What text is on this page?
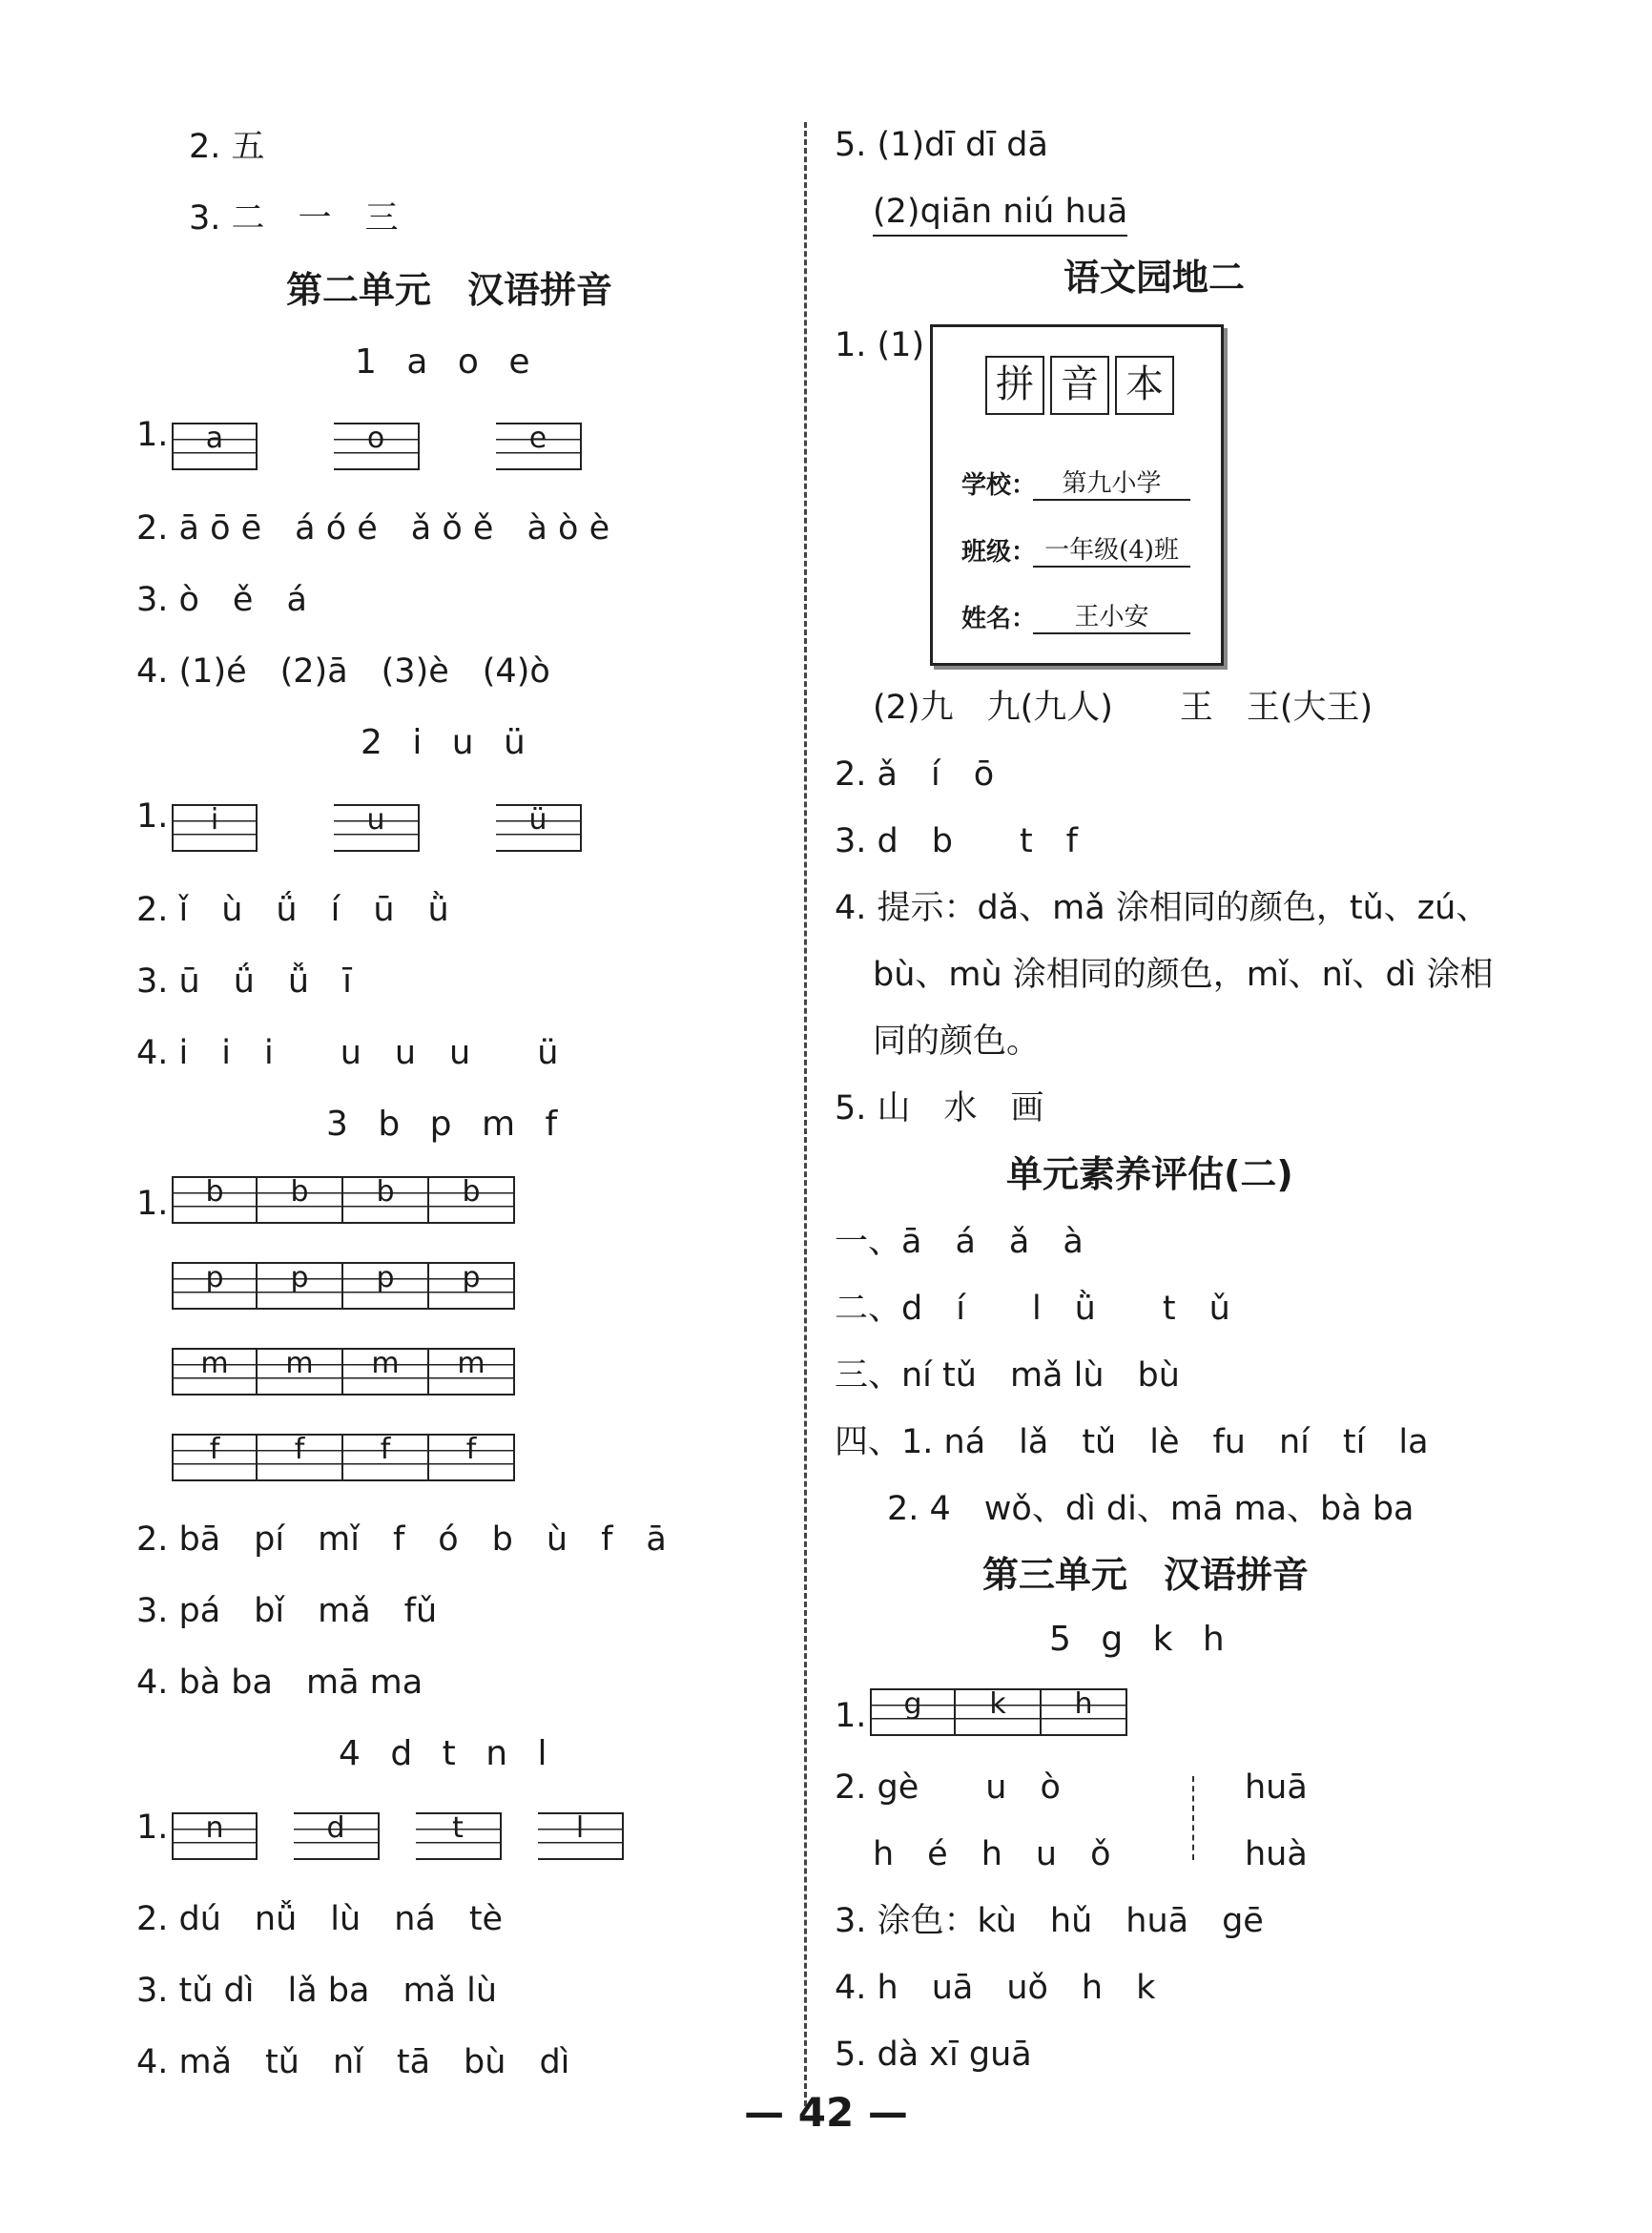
2. 五
3. 二　一　三
第二单元　汉语拼音
1 a o e
1.	a	o	e
2. ā ō ē　á ó é　ǎ ǒ ě　à ò è
3. ò　ě　á
4. (1)é　(2)ā　(3)è　(4)ò
2 i u ü
1.	i	u	ü
2. ǐ　ù　ǘ　í　ū　ǜ
3. ū　ǘ　ǚ　ī
4. i　i　i　　u　u　u　　ü
3 b p m f
1.	b	b	b	b
p	p	p	p
m	m	m	m
f	f	f	f
2. bā　pí　mǐ　f　ó　b　ù　f　ā
3. pá　bǐ　mǎ　fǔ
4. bà ba　mā ma
4 d t n l
1.	n	d	t	l
2. dú　nǚ　lù　ná　tè
3. tǔ dì　lǎ ba　mǎ lù
4. mǎ　tǔ　nǐ　tā　bù　dì
5. (1)dī dī dā
(2)qiān niú huā
语文园地二
1. (1)
拼 音 本
学校：	第九小学
班级： 一年级(4)班
姓名：	王小安
(2)九　九(九人)　　王　王(大王)
2. ǎ　í　ō
3. d　b　　t　f
4. 提示：dǎ、mǎ 涂相同的颜色，tǔ、zú、
bù、mù 涂相同的颜色，mǐ、nǐ、dì 涂相
同的颜色。
5. 山　水　画
单元素养评估(二)
一、ā　á　ǎ　à
二、d　í　　l　ǜ　　t　ǔ
三、ní tǔ　mǎ lù　bù
四、1. ná　lǎ　tǔ　lè　fu　ní　tí　la
2. 4　wǒ、dì di、mā ma、bà ba
第三单元　汉语拼音
5 g k h
1.	g	k	h
2. gè　　u　ò	huā
h　é　h　u　ǒ	huà
3. 涂色：kù　hǔ　huā　gē
4. h　uā　uǒ　h　k
5. dà xī guā
— 42 —
